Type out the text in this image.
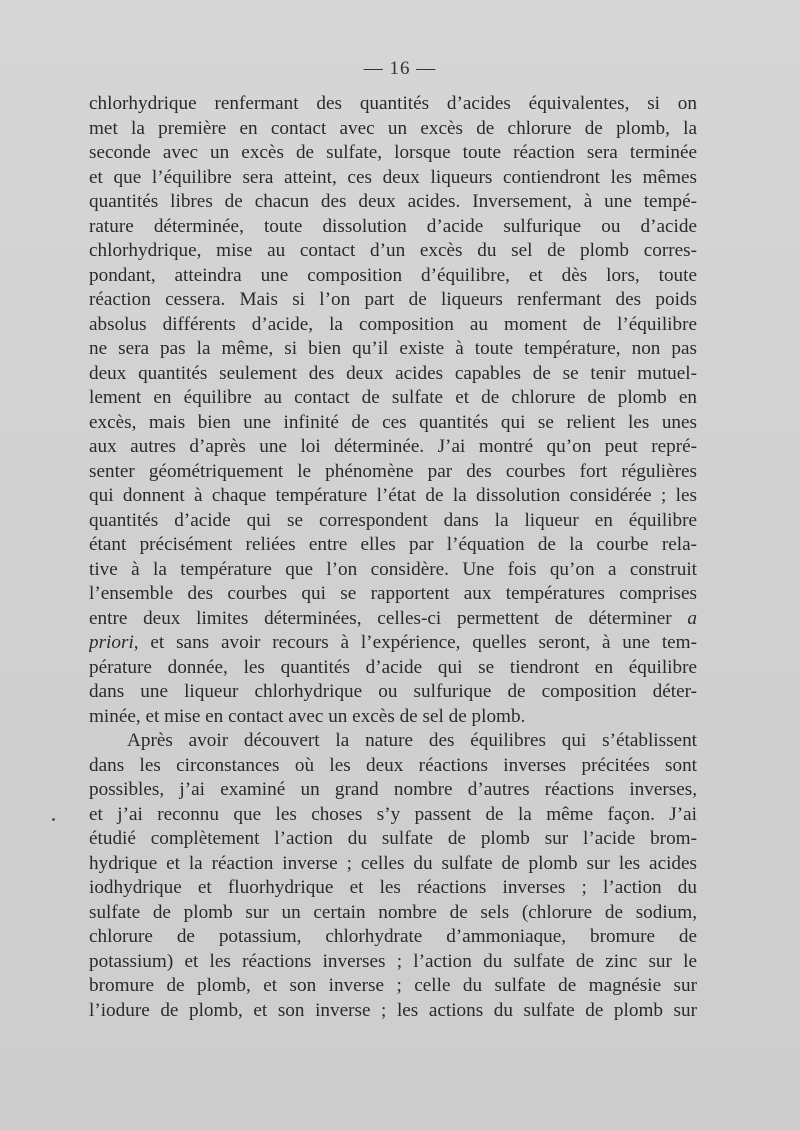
— 16 —
chlorhydrique renfermant des quantités d’acides équivalentes, si on
met la première en contact avec un excès de chlorure de plomb, la
seconde avec un excès de sulfate, lorsque toute réaction sera terminée
et que l’équilibre sera atteint, ces deux liqueurs contiendront les mêmes
quantités libres de chacun des deux acides. Inversement, à une tempé-
rature déterminée, toute dissolution d’acide sulfurique ou d’acide
chlorhydrique, mise au contact d’un excès du sel de plomb corres-
pondant, atteindra une composition d’équilibre, et dès lors, toute
réaction cessera. Mais si l’on part de liqueurs renfermant des poids
absolus différents d’acide, la composition au moment de l’équilibre
ne sera pas la même, si bien qu’il existe à toute température, non pas
deux quantités seulement des deux acides capables de se tenir mutuel-
lement en équilibre au contact de sulfate et de chlorure de plomb en
excès, mais bien une infinité de ces quantités qui se relient les unes
aux autres d’après une loi déterminée. J’ai montré qu’on peut repré-
senter géométriquement le phénomène par des courbes fort régulières
qui donnent à chaque température l’état de la dissolution considérée ; les
quantités d’acide qui se correspondent dans la liqueur en équilibre
étant précisément reliées entre elles par l’équation de la courbe rela-
tive à la température que l’on considère. Une fois qu’on a construit
l’ensemble des courbes qui se rapportent aux températures comprises
entre deux limites déterminées, celles-ci permettent de déterminer a
priori, et sans avoir recours à l’expérience, quelles seront, à une tem-
pérature donnée, les quantités d’acide qui se tiendront en équilibre
dans une liqueur chlorhydrique ou sulfurique de composition déter-
minée, et mise en contact avec un excès de sel de plomb.
Après avoir découvert la nature des équilibres qui s’établissent
dans les circonstances où les deux réactions inverses précitées sont
possibles, j’ai examiné un grand nombre d’autres réactions inverses,
et j’ai reconnu que les choses s’y passent de la même façon. J’ai
étudié complètement l’action du sulfate de plomb sur l’acide brom-
hydrique et la réaction inverse ; celles du sulfate de plomb sur les acides
iodhydrique et fluorhydrique et les réactions inverses ; l’action du
sulfate de plomb sur un certain nombre de sels (chlorure de sodium,
chlorure de potassium, chlorhydrate d’ammoniaque, bromure de
potassium) et les réactions inverses ; l’action du sulfate de zinc sur le
bromure de plomb, et son inverse ; celle du sulfate de magnésie sur
l’iodure de plomb, et son inverse ; les actions du sulfate de plomb sur
